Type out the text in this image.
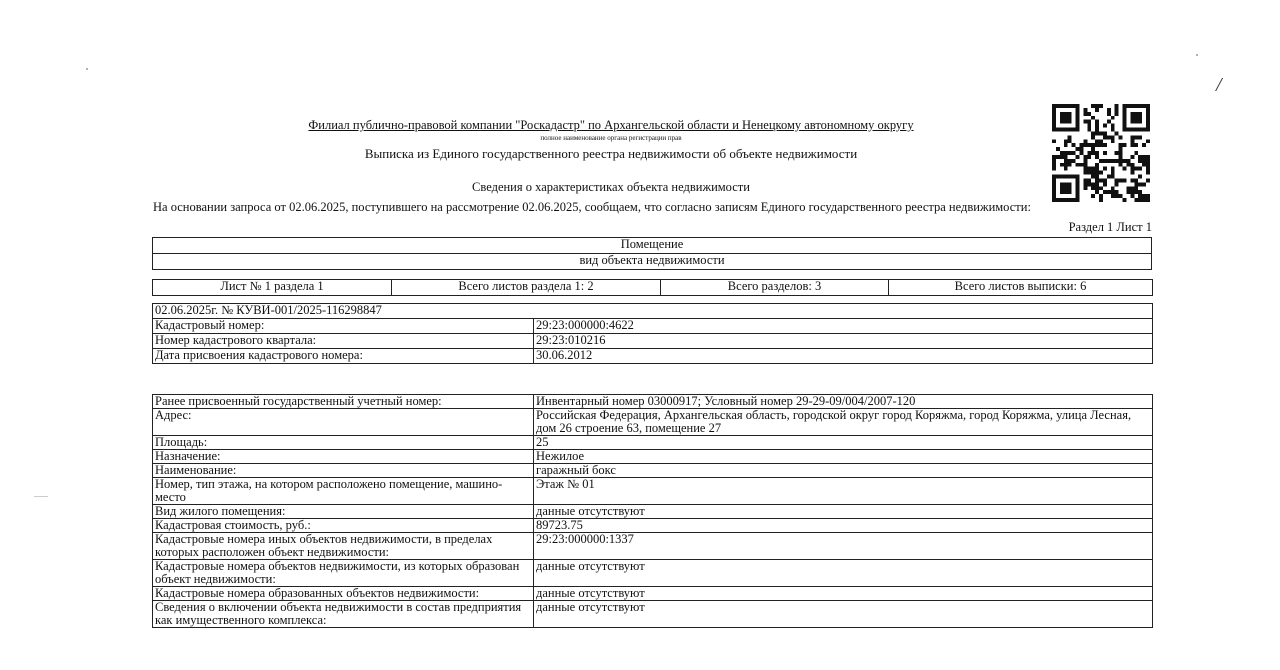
/
Филиал публично-правовой компании "Роскадастр" по Архангельской области и Ненецкому автономному округу
полное наименование органа регистрации прав
Выписка из Единого государственного реестра недвижимости об объекте недвижимости
Сведения о характеристиках объекта недвижимости
На основании запроса от 02.06.2025, поступившего на рассмотрение 02.06.2025, сообщаем, что согласно записям Единого государственного реестра недвижимости:
Раздел 1 Лист 1
Помещение
вид объекта недвижимости
Лист № 1 раздела 1	Всего листов раздела 1: 2	Всего разделов: 3	Всего листов выписки: 6
02.06.2025г. № КУВИ-001/2025-116298847	
Кадастровый номер:	29:23:000000:4622
Номер кадастрового квартала:	29:23:010216
Дата присвоения кадастрового номера:	30.06.2012
Ранее присвоенный государственный учетный номер:	Инвентарный номер 03000917; Условный номер 29-29-09/004/2007-120
Адрес:	Российская Федерация, Архангельская область, городской округ город Коряжма, город Коряжма, улица Лесная, дом 26 строение 63, помещение 27
Площадь:	25
Назначение:	Нежилое
Наименование:	гаражный бокс
Номер, тип этажа, на котором расположено помещение, машино-место	Этаж № 01
Вид жилого помещения:	данные отсутствуют
Кадастровая стоимость, руб.:	89723.75
Кадастровые номера иных объектов недвижимости, в пределах которых расположен объект недвижимости:	29:23:000000:1337
Кадастровые номера объектов недвижимости, из которых образован объект недвижимости:	данные отсутствуют
Кадастровые номера образованных объектов недвижимости:	данные отсутствуют
Сведения о включении объекта недвижимости в состав предприятия как имущественного комплекса:	данные отсутствуют
